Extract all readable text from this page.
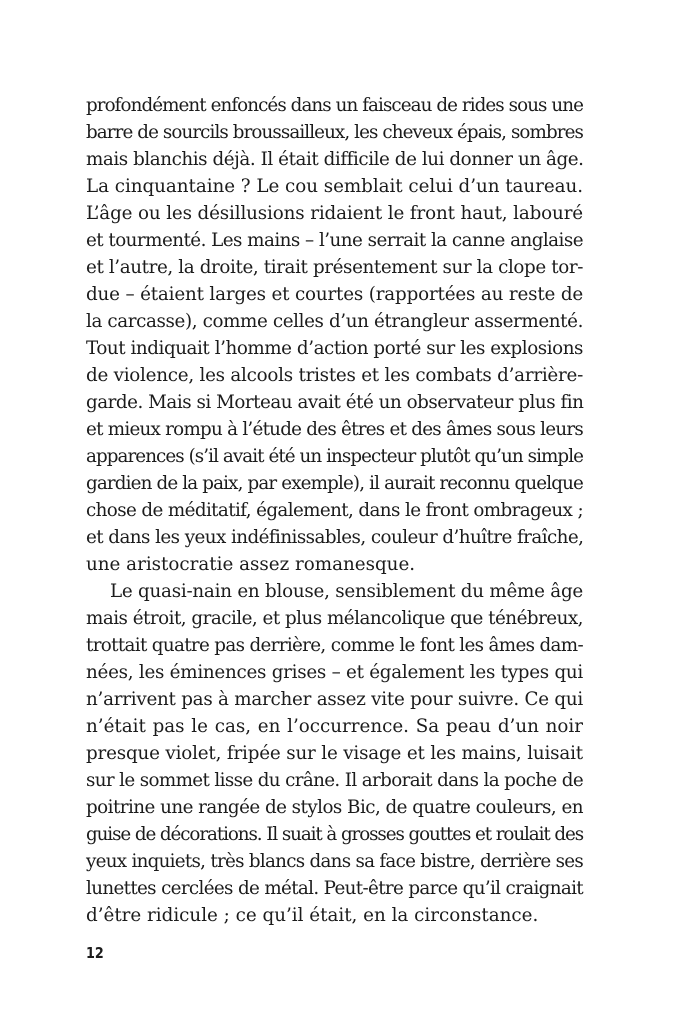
profondément enfoncés dans un faisceau de rides sous une
barre de sourcils broussailleux, les cheveux épais, sombres
mais blanchis déjà. Il était difficile de lui donner un âge.
La cinquantaine ? Le cou semblait celui d’un taureau.
L’âge ou les désillusions ridaient le front haut, labouré
et tourmenté. Les mains – l’une serrait la canne anglaise
et l’autre, la droite, tirait présentement sur la clope tor-
due – étaient larges et courtes (rapportées au reste de
la carcasse), comme celles d’un étrangleur assermenté.
Tout indiquait l’homme d’action porté sur les explosions
de violence, les alcools tristes et les combats d’arrière-
garde. Mais si Morteau avait été un observateur plus fin
et mieux rompu à l’étude des êtres et des âmes sous leurs
apparences (s’il avait été un inspecteur plutôt qu’un simple
gardien de la paix, par exemple), il aurait reconnu quelque
chose de méditatif, également, dans le front ombrageux ;
et dans les yeux indéfinissables, couleur d’huître fraîche,
une aristocratie assez romanesque.
Le quasi-nain en blouse, sensiblement du même âge
mais étroit, gracile, et plus mélancolique que ténébreux,
trottait quatre pas derrière, comme le font les âmes dam-
nées, les éminences grises – et également les types qui
n’arrivent pas à marcher assez vite pour suivre. Ce qui
n’était pas le cas, en l’occurrence. Sa peau d’un noir
presque violet, fripée sur le visage et les mains, luisait
sur le sommet lisse du crâne. Il arborait dans la poche de
poitrine une rangée de stylos Bic, de quatre couleurs, en
guise de décorations. Il suait à grosses gouttes et roulait des
yeux inquiets, très blancs dans sa face bistre, derrière ses
lunettes cerclées de métal. Peut-être parce qu’il craignait
d’être ridicule ; ce qu’il était, en la circonstance.
12
